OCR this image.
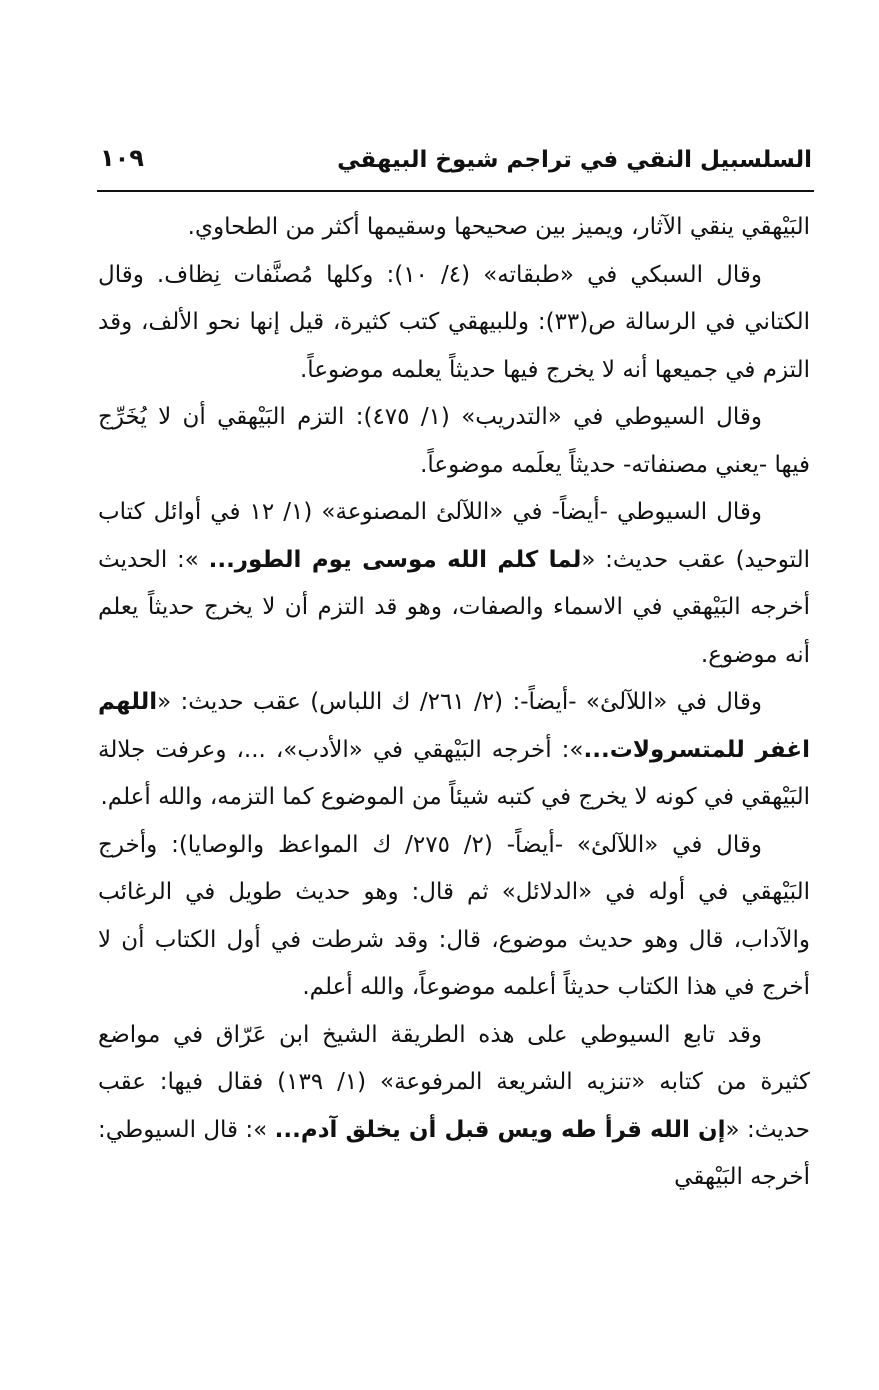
السلسبيل النقي في تراجم شيوخ البيهقي
١٠٩

البَيْهقي ينقي الآثار، ويميز بين صحيحها وسقيمها أكثر من الطحاوي.

وقال السبكي في «طبقاته» (٤/ ١٠): وكلها مُصنَّفات نِظاف. وقال الكتاني في الرسالة ص(٣٣): وللبيهقي كتب كثيرة، قيل إنها نحو الألف، وقد التزم في جميعها أنه لا يخرج فيها حديثاً يعلمه موضوعاً.

وقال السيوطي في «التدريب» (١/ ٤٧٥): التزم البَيْهقي أن لا يُخَرِّج فيها -يعني مصنفاته- حديثاً يعلَمه موضوعاً.

وقال السيوطي -أيضاً- في «اللآلئ المصنوعة» (١/ ١٢ في أوائل كتاب التوحيد) عقب حديث: «لما كلم الله موسى يوم الطور... »: الحديث أخرجه البَيْهقي في الاسماء والصفات، وهو قد التزم أن لا يخرج حديثاً يعلم أنه موضوع.

وقال في «اللآلئ» -أيضاً-: (٢/ ٢٦١/ ك اللباس) عقب حديث: «اللهم اغفر للمتسرولات...»: أخرجه البَيْهقي في «الأدب»، ...، وعرفت جلالة البَيْهقي في كونه لا يخرج في كتبه شيئاً من الموضوع كما التزمه، والله أعلم.

وقال في «اللآلئ» -أيضاً- (٢/ ٢٧٥/ ك المواعظ والوصايا): وأخرج البَيْهقي في أوله في «الدلائل» ثم قال: وهو حديث طويل في الرغائب والآداب، قال وهو حديث موضوع، قال: وقد شرطت في أول الكتاب أن لا أخرج في هذا الكتاب حديثاً أعلمه موضوعاً، والله أعلم.

وقد تابع السيوطي على هذه الطريقة الشيخ ابن عَرّاق في مواضع كثيرة من كتابه «تنزيه الشريعة المرفوعة» (١/ ١٣٩) فقال فيها: عقب حديث: «إن الله قرأ طه ويس قبل أن يخلق آدم... »: قال السيوطي: أخرجه البَيْهقي
